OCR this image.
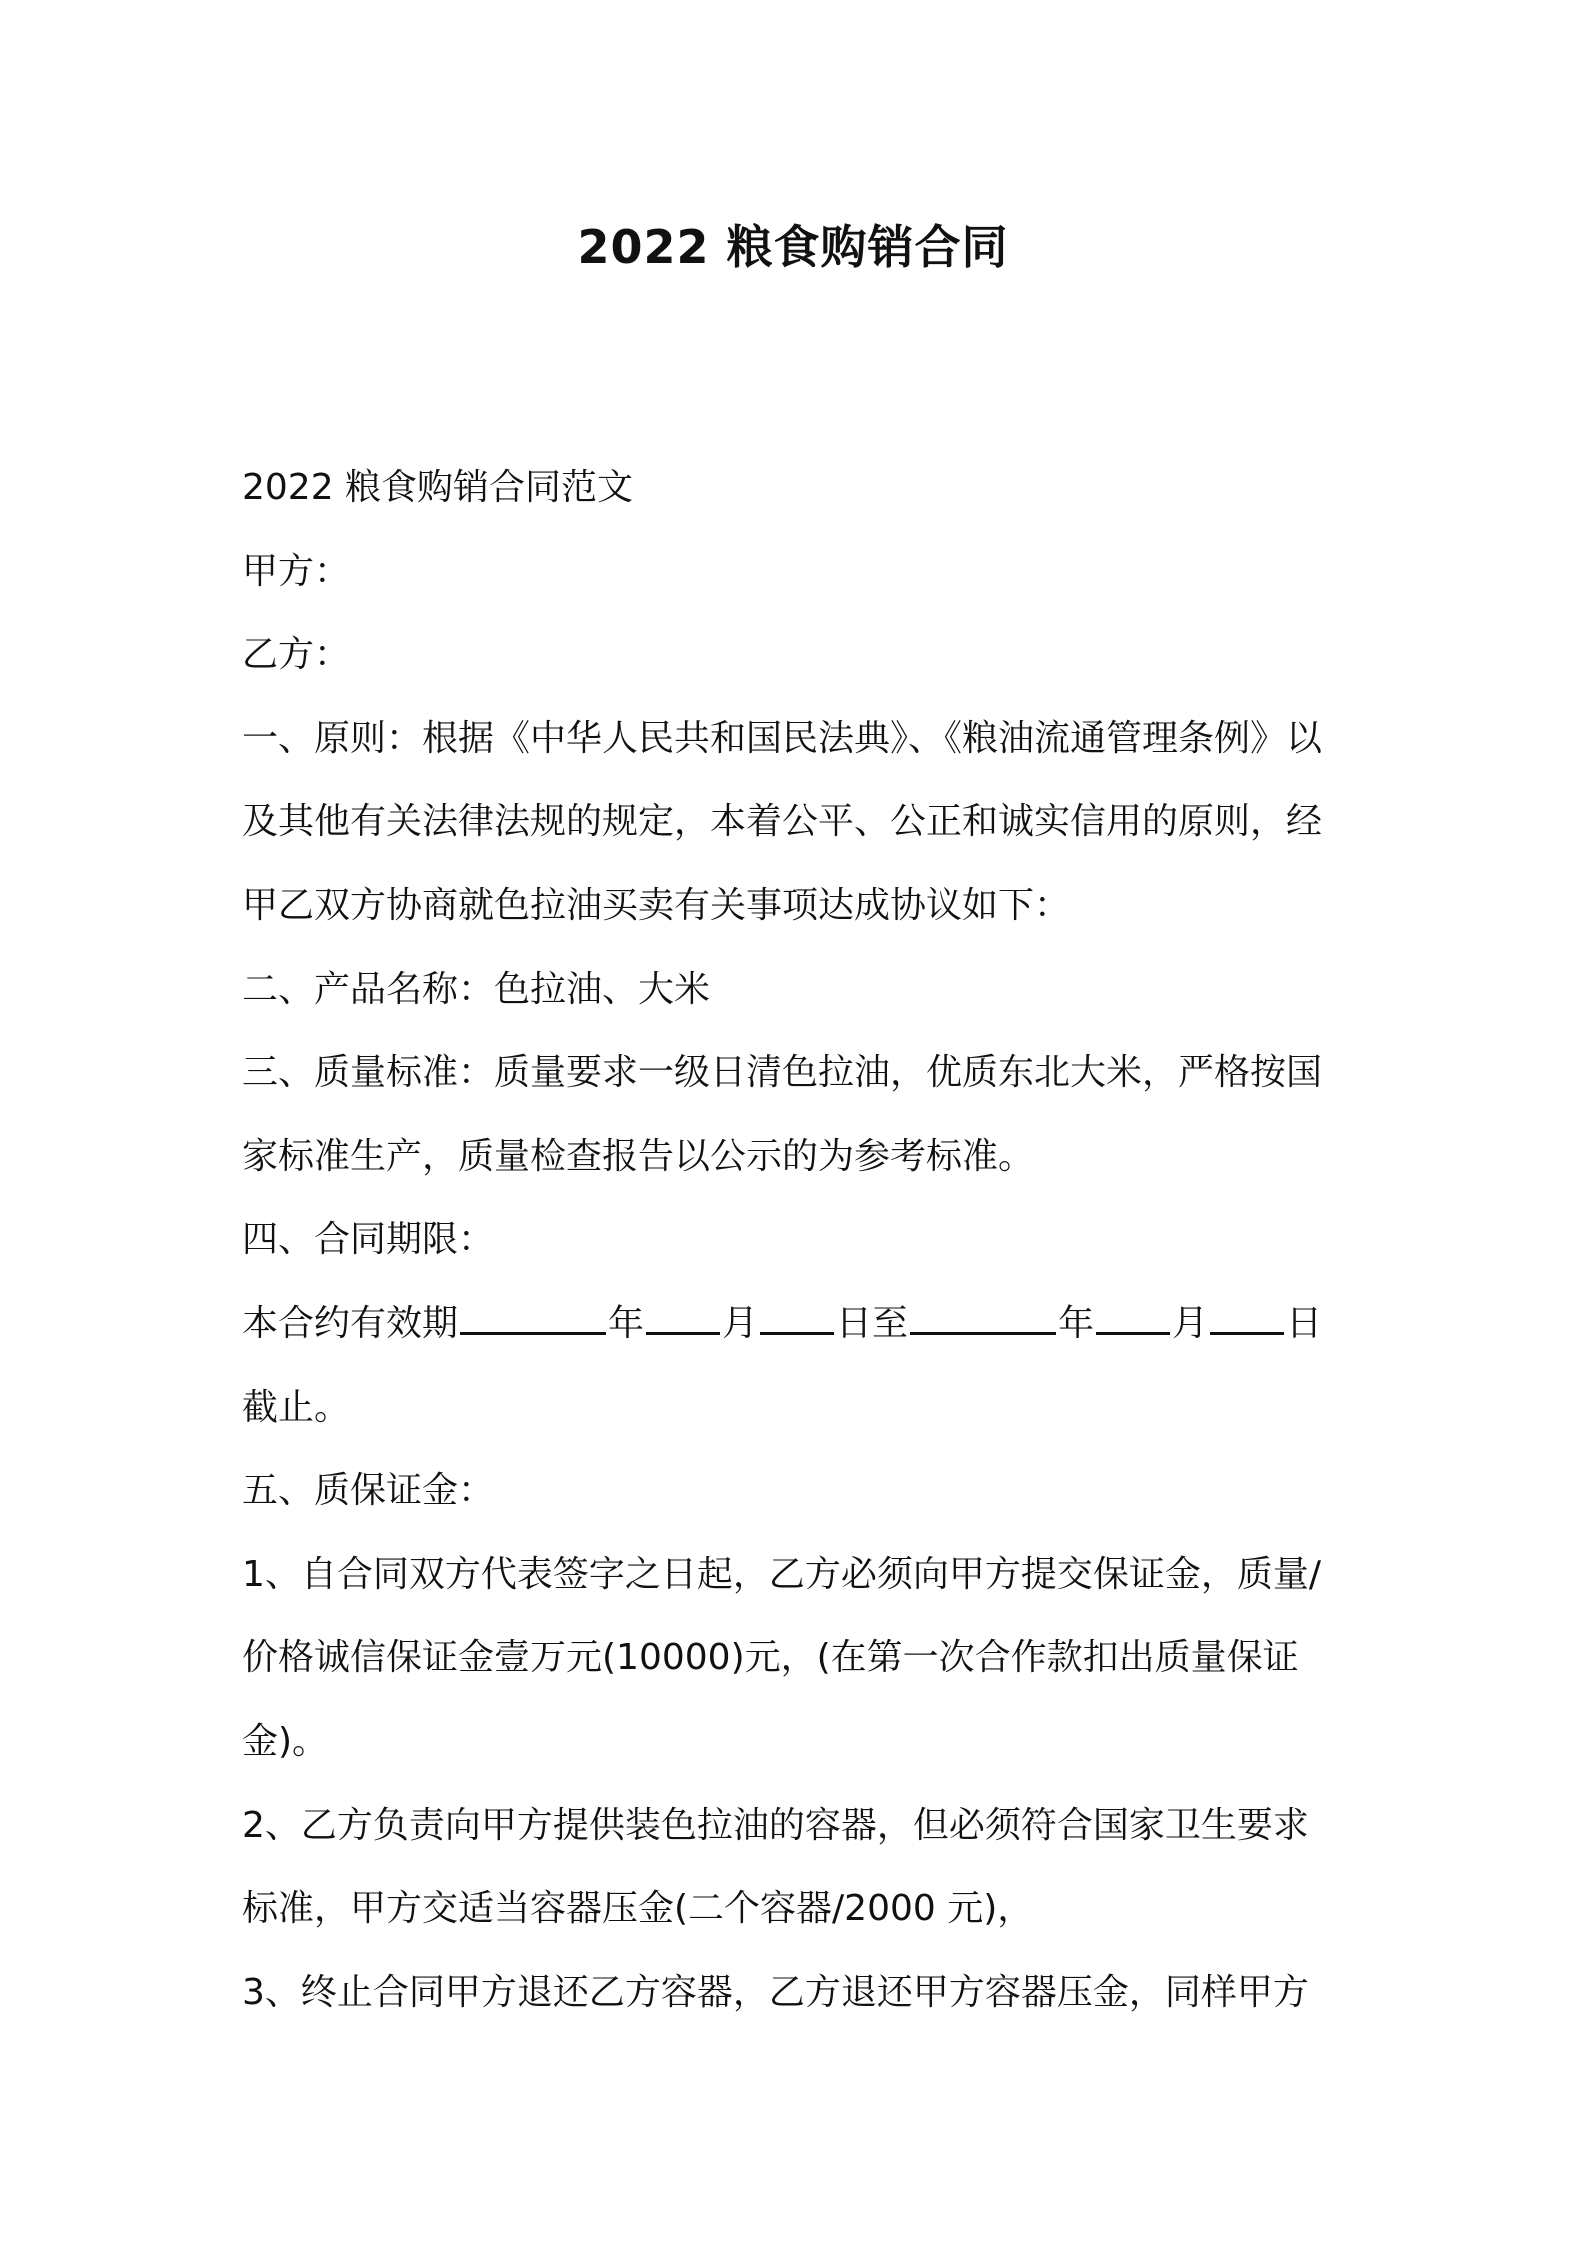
2022 粮食购销合同
2022 粮食购销合同范文
甲方：
乙方：
一、原则：根据《中华人民共和国民法典》、《粮油流通管理条例》以
及其他有关法律法规的规定，本着公平、公正和诚实信用的原则，经
甲乙双方协商就色拉油买卖有关事项达成协议如下：
二、产品名称：色拉油、大米
三、质量标准：质量要求一级日清色拉油，优质东北大米，严格按国
家标准生产，质量检查报告以公示的为参考标准。
四、合同期限：
本合约有效期	年 月 日至	年 月 日
截止。
五、质保证金：
1、自合同双方代表签字之日起，乙方必须向甲方提交保证金，质量/
价格诚信保证金壹万元(10000)元，(在第一次合作款扣出质量保证
金)。
2、乙方负责向甲方提供装色拉油的容器，但必须符合国家卫生要求
标准，甲方交适当容器压金(二个容器/2000 元)，
3、终止合同甲方退还乙方容器，乙方退还甲方容器压金，同样甲方
